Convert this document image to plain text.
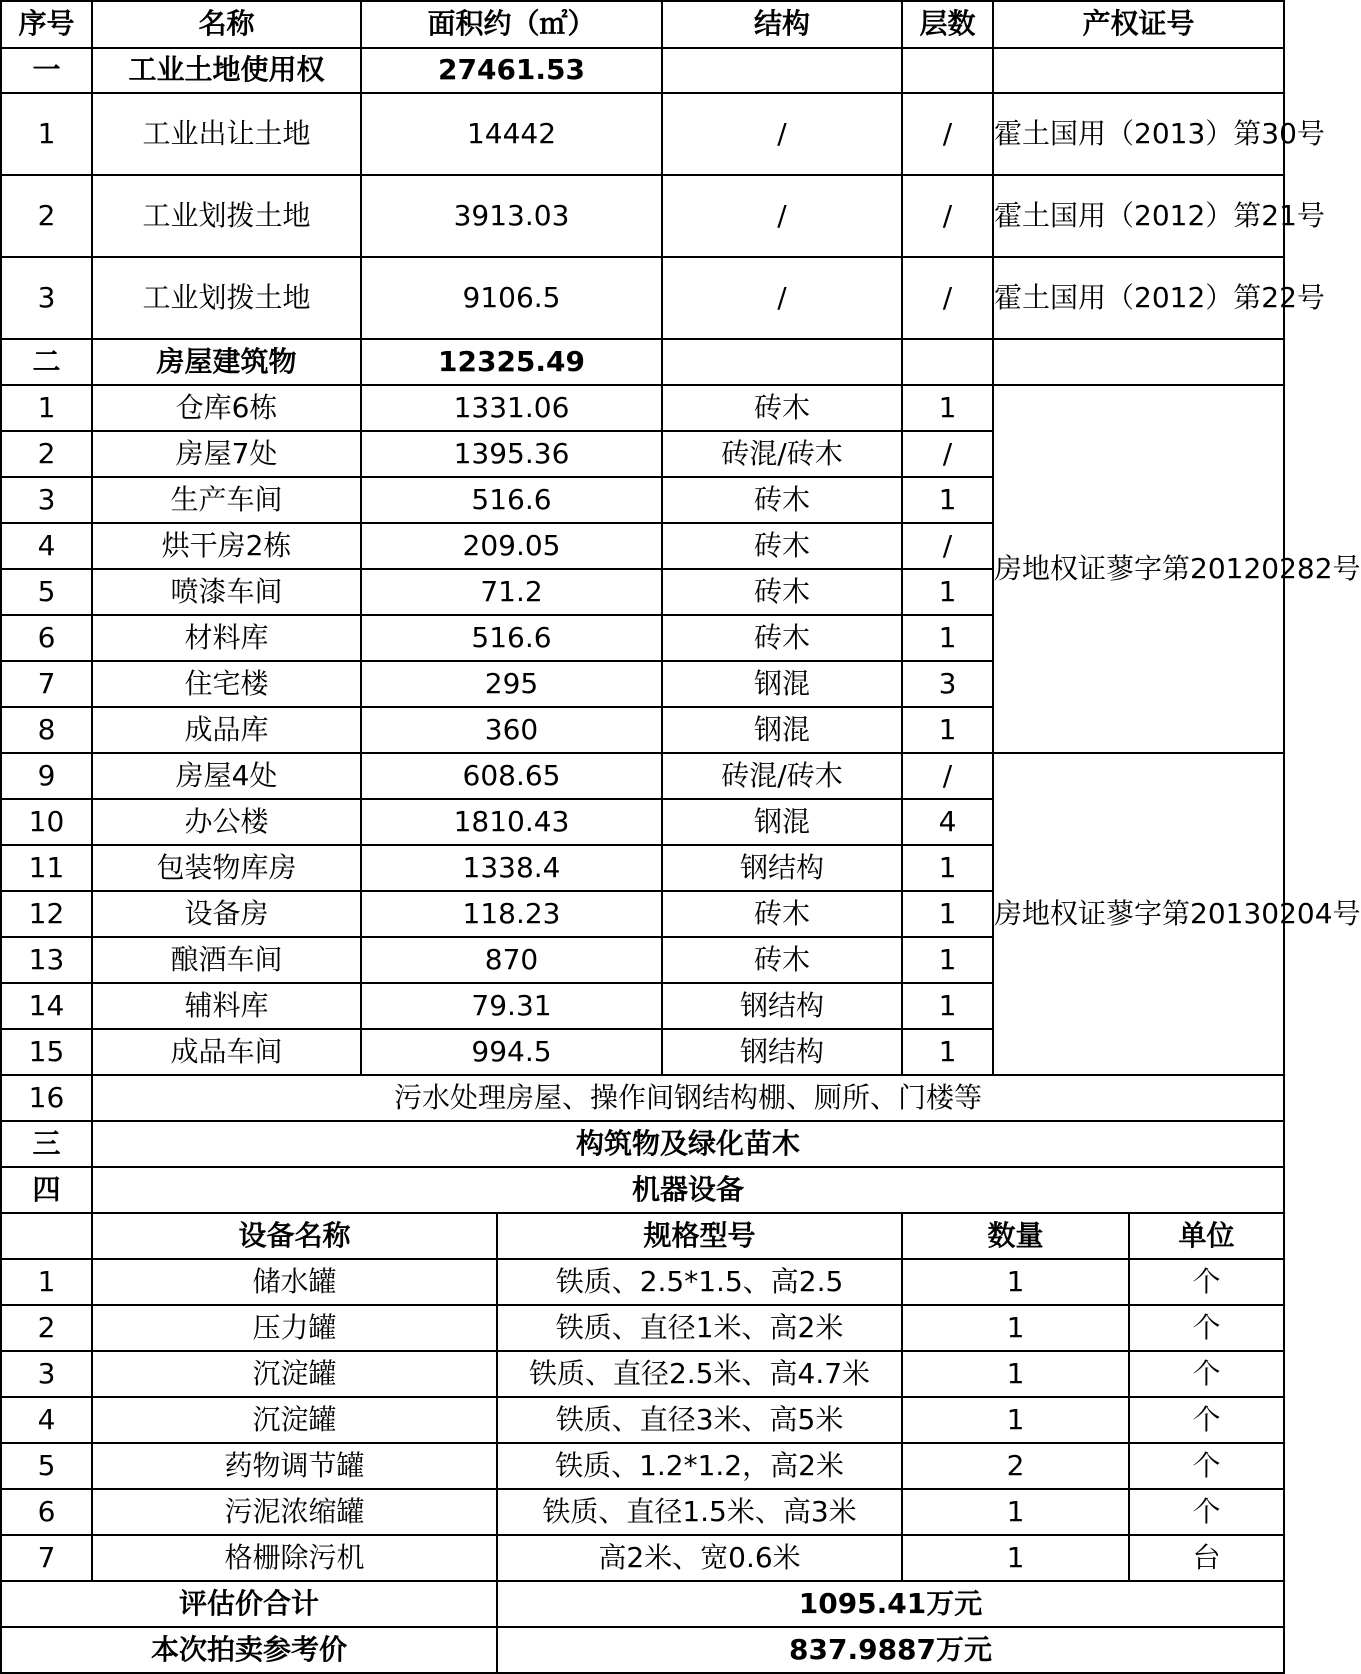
序号	名称	面积约（㎡）		结构	层数	产权证号	
一	工业土地使用权	27461.53					
1	工业出让土地	14442		/	/	霍土国用（2013）第30号	
2	工业划拨土地	3913.03		/	/	霍土国用（2012）第21号	
3	工业划拨土地	9106.5		/	/	霍土国用（2012）第22号	
二	房屋建筑物	12325.49					
1	仓库6栋	1331.06		砖木	1	房地权证蓼字第20120282号	
2	房屋7处	1395.36		砖混/砖木	/		
3	生产车间	516.6		砖木	1		
4	烘干房2栋	209.05		砖木	/		
5	喷漆车间	71.2		砖木	1		
6	材料库	516.6		砖木	1		
7	住宅楼	295		钢混	3		
8	成品库	360		钢混	1		
9	房屋4处	608.65		砖混/砖木	/	房地权证蓼字第20130204号	
10	办公楼	1810.43		钢混	4		
11	包装物库房	1338.4		钢结构	1		
12	设备房	118.23		砖木	1		
13	酿酒车间	870		砖木	1		
14	辅料库	79.31		钢结构	1		
15	成品车间	994.5		钢结构	1		
16	污水处理房屋、操作间钢结构棚、厕所、门楼等						
三	构筑物及绿化苗木						
四	机器设备						
	设备名称		规格型号		数量		单位
1	储水罐		铁质、2.5*1.5、高2.5		1		个
2	压力罐		铁质、直径1米、高2米		1		个
3	沉淀罐		铁质、直径2.5米、高4.7米		1		个
4	沉淀罐		铁质、直径3米、高5米		1		个
5	药物调节罐		铁质、1.2*1.2，高2米		2		个
6	污泥浓缩罐		铁质、直径1.5米、高3米		1		个
7	格栅除污机		高2米、宽0.6米		1		台
评估价合计			1095.41万元				
本次拍卖参考价			837.9887万元				
